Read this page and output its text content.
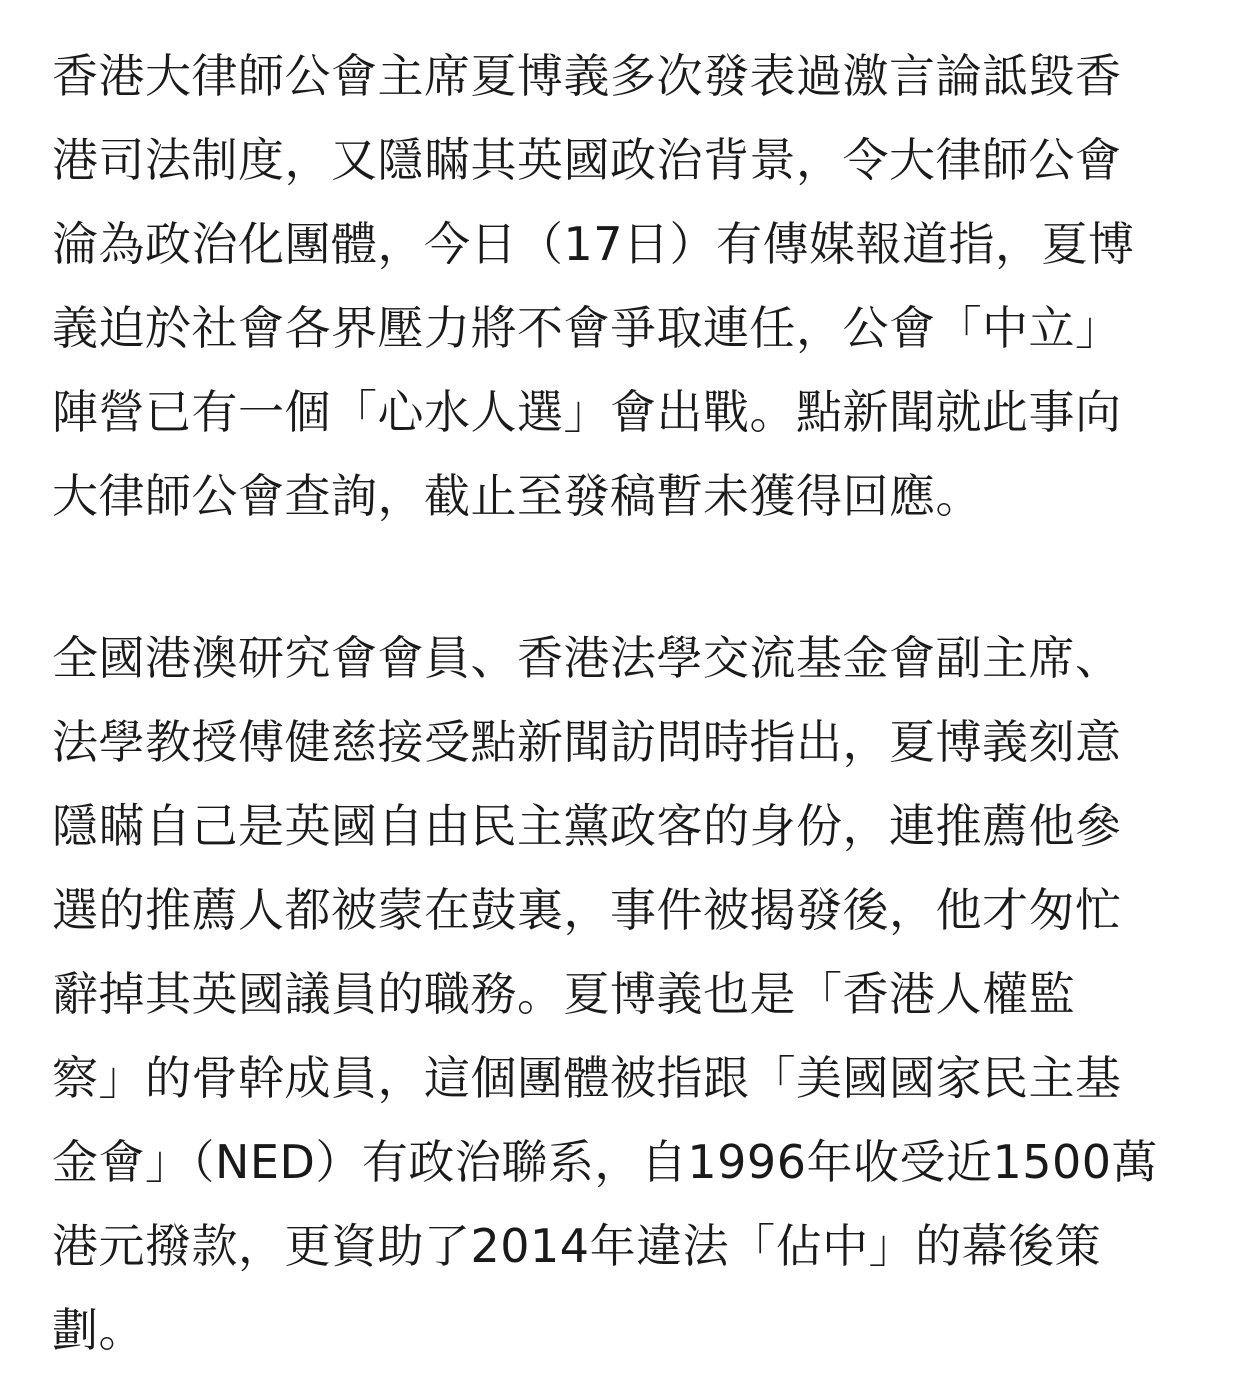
香港大律師公會主席夏博義多次發表過激言論詆毀香
港司法制度，又隱瞞其英國政治背景，令大律師公會
淪為政治化團體，今日（17日）有傳媒報道指，夏博
義迫於社會各界壓力將不會爭取連任，公會「中立」
陣營已有一個「心水人選」會出戰。點新聞就此事向
大律師公會查詢，截止至發稿暫未獲得回應。
全國港澳研究會會員、香港法學交流基金會副主席、
法學教授傅健慈接受點新聞訪問時指出，夏博義刻意
隱瞞自己是英國自由民主黨政客的身份，連推薦他參
選的推薦人都被蒙在鼓裏，事件被揭發後，他才匆忙
辭掉其英國議員的職務。夏博義也是「香港人權監
察」的骨幹成員，這個團體被指跟「美國國家民主基
金會」（NED）有政治聯系，自1996年收受近1500萬
港元撥款，更資助了2014年違法「佔中」的幕後策
劃。
